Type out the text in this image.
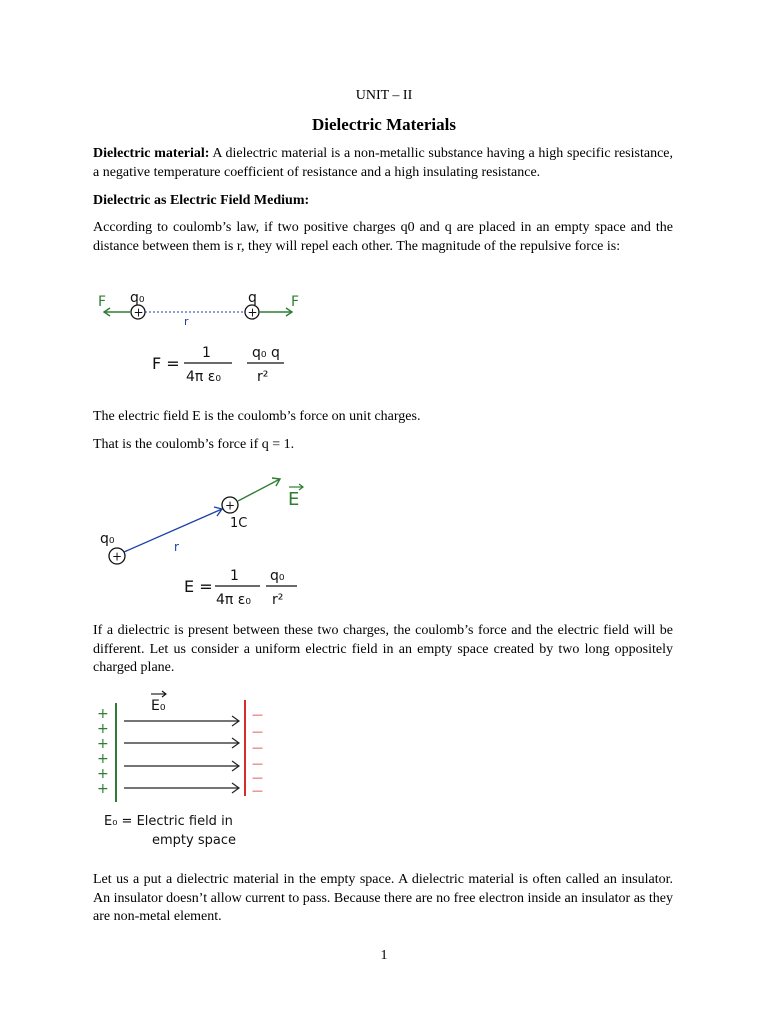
UNIT – II
Dielectric Materials

Dielectric material: A dielectric material is a non-metallic substance having a high specific resistance, a negative temperature coefficient of resistance and a high insulating resistance.

Dielectric as Electric Field Medium:

According to coulomb’s law, if two positive charges q0 and q are placed in an empty space and the distance between them is r, they will repel each other. The magnitude of the repulsive force is:

F q₀	q F
+
r
+
F =
1
4π ε₀
q₀ q
r²

The electric field E is the coulomb’s force on unit charges.

That is the coulomb’s force if q = 1.

q₀
+
r
+
1C
E
E =
1
4π ε₀
q₀
r²

If a dielectric is present between these two charges, the coulomb’s force and the electric field will be different. Let us consider a uniform electric field in an empty space created by two long oppositely charged plane.

E₀
+
+
+
+
+
+
—
—
—
—
—
—
E₀ = Electric field in
empty space

Let us a put a dielectric material in the empty space. A dielectric material is often called an insulator. An insulator doesn’t allow current to pass. Because there are no free electron inside an insulator as they are non-metal element.

1
